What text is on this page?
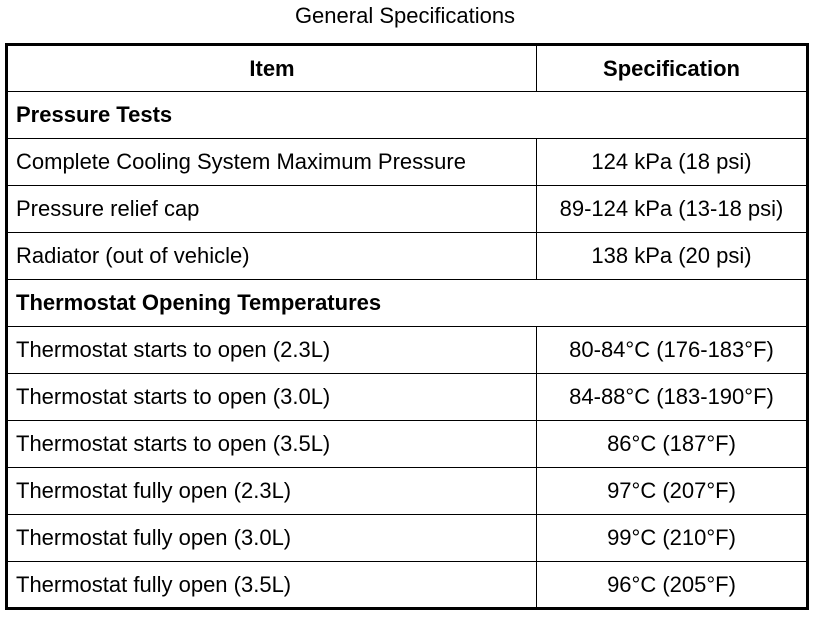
General Specifications
Item	Specification
Pressure Tests	
Complete Cooling System Maximum Pressure	124 kPa (18 psi)
Pressure relief cap	89-124 kPa (13-18 psi)
Radiator (out of vehicle)	138 kPa (20 psi)
Thermostat Opening Temperatures	
Thermostat starts to open (2.3L)	80-84°C (176-183°F)
Thermostat starts to open (3.0L)	84-88°C (183-190°F)
Thermostat starts to open (3.5L)	86°C (187°F)
Thermostat fully open (2.3L)	97°C (207°F)
Thermostat fully open (3.0L)	99°C (210°F)
Thermostat fully open (3.5L)	96°C (205°F)
